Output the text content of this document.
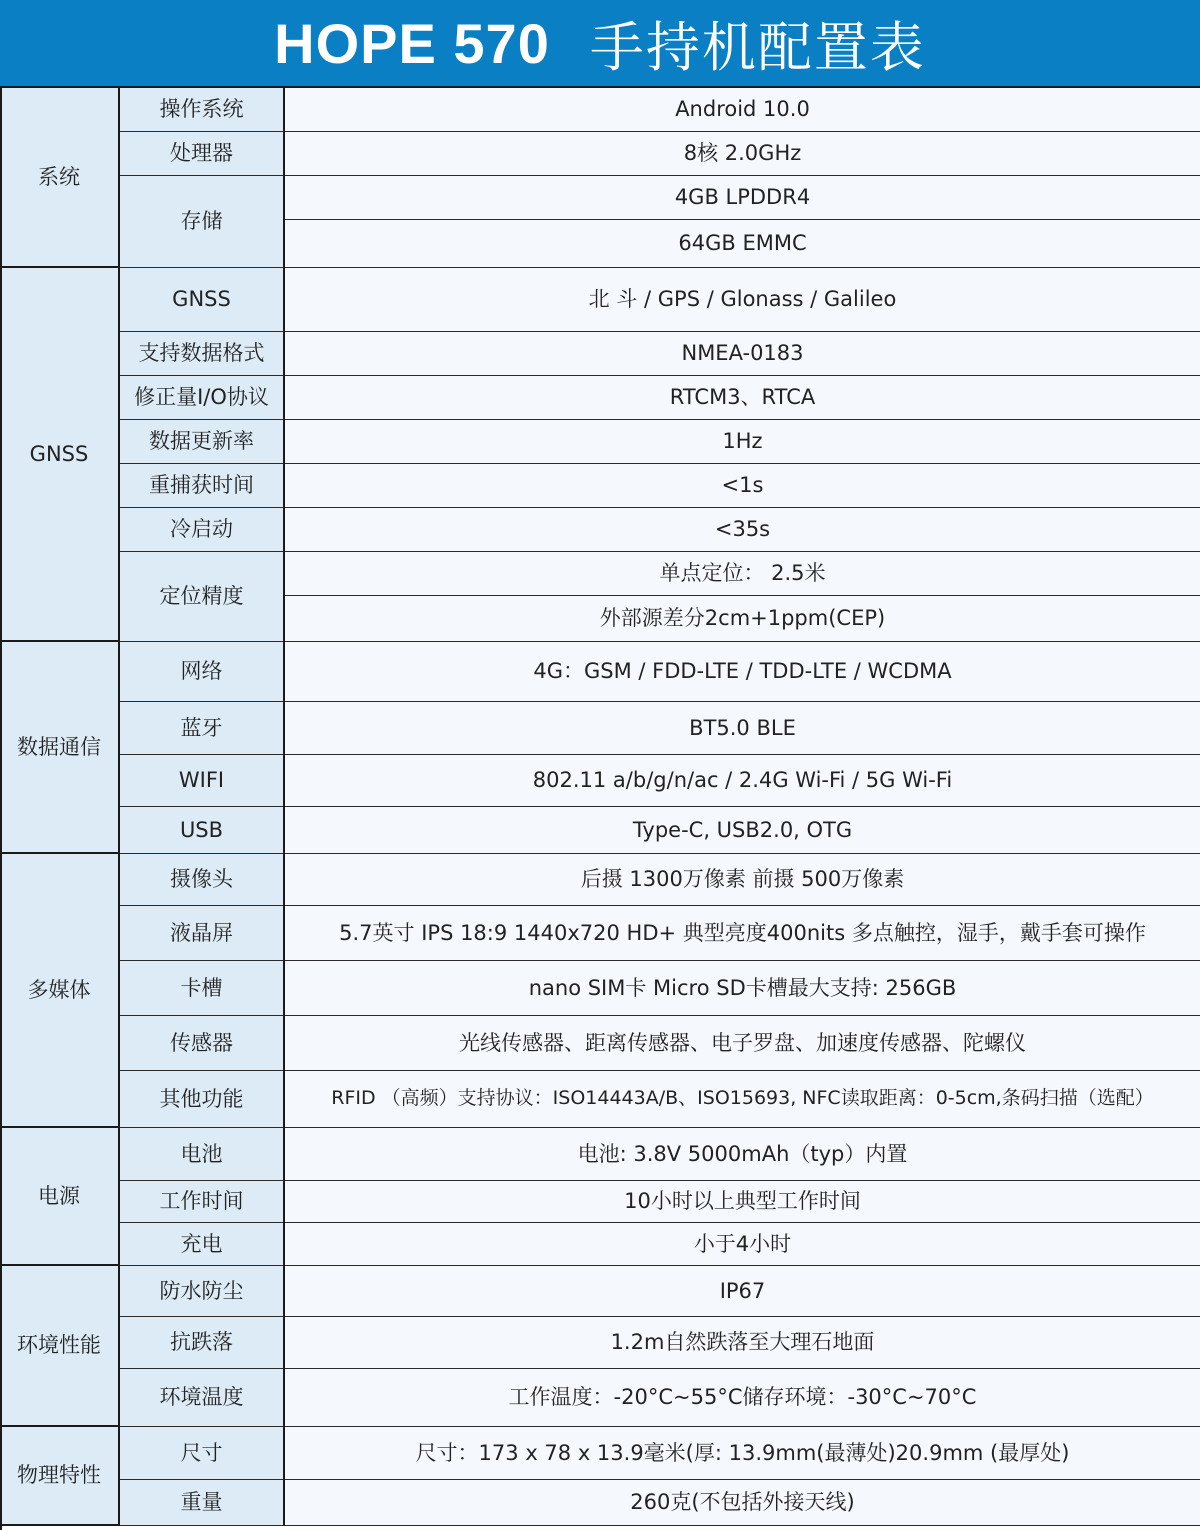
HOPE 570 手持机配置表
Android 10.0
操作系统
8核 2.0GHz
处理器
4GB LPDDR4
64GB EMMC
存储
系统
北 斗 / GPS / Glonass / Galileo
GNSS
NMEA-0183
支持数据格式
RTCM3、RTCA
修正量I/O协议
1Hz
数据更新率
<1s
重捕获时间
<35s
冷启动
单点定位： 2.5米
外部源差分2cm+1ppm(CEP)
定位精度
GNSS
4G：GSM / FDD-LTE / TDD-LTE / WCDMA
网络
BT5.0 BLE
蓝牙
802.11 a/b/g/n/ac / 2.4G Wi-Fi / 5G Wi-Fi
WIFI
Type-C, USB2.0, OTG
USB
数据通信
后摄 1300万像素 前摄 500万像素
摄像头
5.7英寸 IPS 18:9 1440x720 HD+ 典型亮度400nits 多点触控，湿手，戴手套可操作
液晶屏
nano SIM卡 Micro SD卡槽最大支持: 256GB
卡槽
光线传感器、距离传感器、电子罗盘、加速度传感器、陀螺仪
传感器
RFID （高频）支持协议：ISO14443A/B、ISO15693, NFC读取距离：0-5cm,条码扫描（选配）
其他功能
多媒体
电池: 3.8V 5000mAh（typ）内置
电池
10小时以上典型工作时间
工作时间
小于4小时
充电
电源
IP67
防水防尘
1.2m自然跌落至大理石地面
抗跌落
工作温度：-20°C~55°C储存环境：-30°C~70°C
环境温度
环境性能
尺寸：173 x 78 x 13.9毫米(厚: 13.9mm(最薄处)20.9mm (最厚处)
尺寸
260克(不包括外接天线)
重量
物理特性
